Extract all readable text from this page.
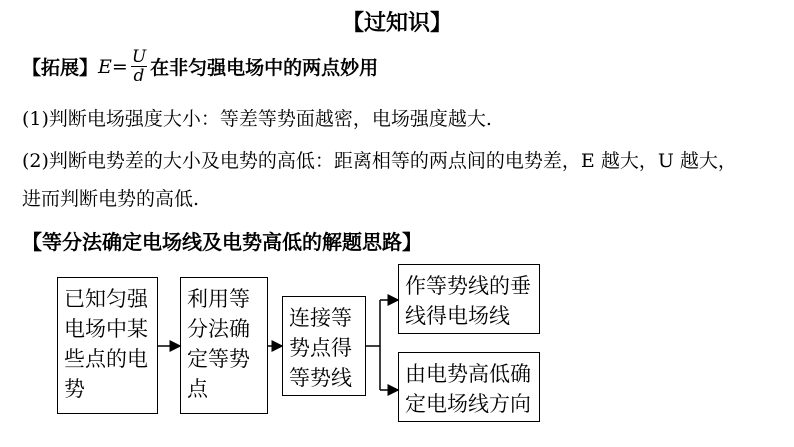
【过知识】
【拓展】 $E= \frac{U}{d}$ 在非匀强电场中的两点妙用
(1)判断电场强度大小：等差等势面越密，电场强度越大.
(2)判断电势差的大小及电势的高低：距离相等的两点间的电势差，E 越大，U 越大，
进而判断电势的高低.
【等分法确定电场线及电势高低的解题思路】
已知匀强电场中某些点的电势
利用等分法确定等势点
连接等势点得等势线
作等势线的垂线得电场线
由电势高低确定电场线方向
